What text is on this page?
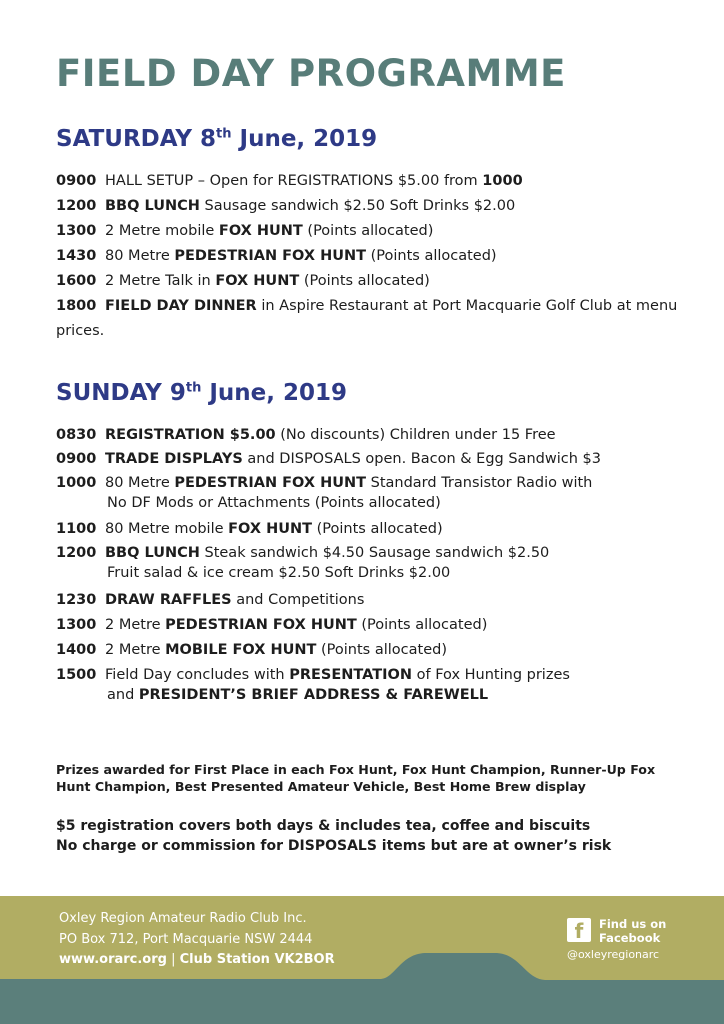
FIELD DAY PROGRAMME
SATURDAY 8th June, 2019
0900 HALL SETUP – Open for REGISTRATIONS $5.00 from 1000
1200 BBQ LUNCH Sausage sandwich $2.50 Soft Drinks $2.00
1300 2 Metre mobile FOX HUNT (Points allocated)
1430 80 Metre PEDESTRIAN FOX HUNT (Points allocated)
1600 2 Metre Talk in FOX HUNT (Points allocated)
1800 FIELD DAY DINNER in Aspire Restaurant at Port Macquarie Golf Club at menu
prices.
SUNDAY 9th June, 2019
0830 REGISTRATION $5.00 (No discounts) Children under 15 Free
0900 TRADE DISPLAYS and DISPOSALS open. Bacon & Egg Sandwich $3
1000 80 Metre PEDESTRIAN FOX HUNT Standard Transistor Radio with
No DF Mods or Attachments (Points allocated)
1100 80 Metre mobile FOX HUNT (Points allocated)
1200 BBQ LUNCH Steak sandwich $4.50 Sausage sandwich $2.50
Fruit salad & ice cream $2.50 Soft Drinks $2.00
1230 DRAW RAFFLES and Competitions
1300 2 Metre PEDESTRIAN FOX HUNT (Points allocated)
1400 2 Metre MOBILE FOX HUNT (Points allocated)
1500 Field Day concludes with PRESENTATION of Fox Hunting prizes
and PRESIDENT’S BRIEF ADDRESS & FAREWELL
Prizes awarded for First Place in each Fox Hunt, Fox Hunt Champion, Runner-Up Fox
Hunt Champion, Best Presented Amateur Vehicle, Best Home Brew display
$5 registration covers both days & includes tea, coffee and biscuits
No charge or commission for DISPOSALS items but are at owner’s risk
Oxley Region Amateur Radio Club Inc.
PO Box 712, Port Macquarie NSW 2444
www.orarc.org | Club Station VK2BOR
f	Find us on
Facebook
@oxleyregionarc
